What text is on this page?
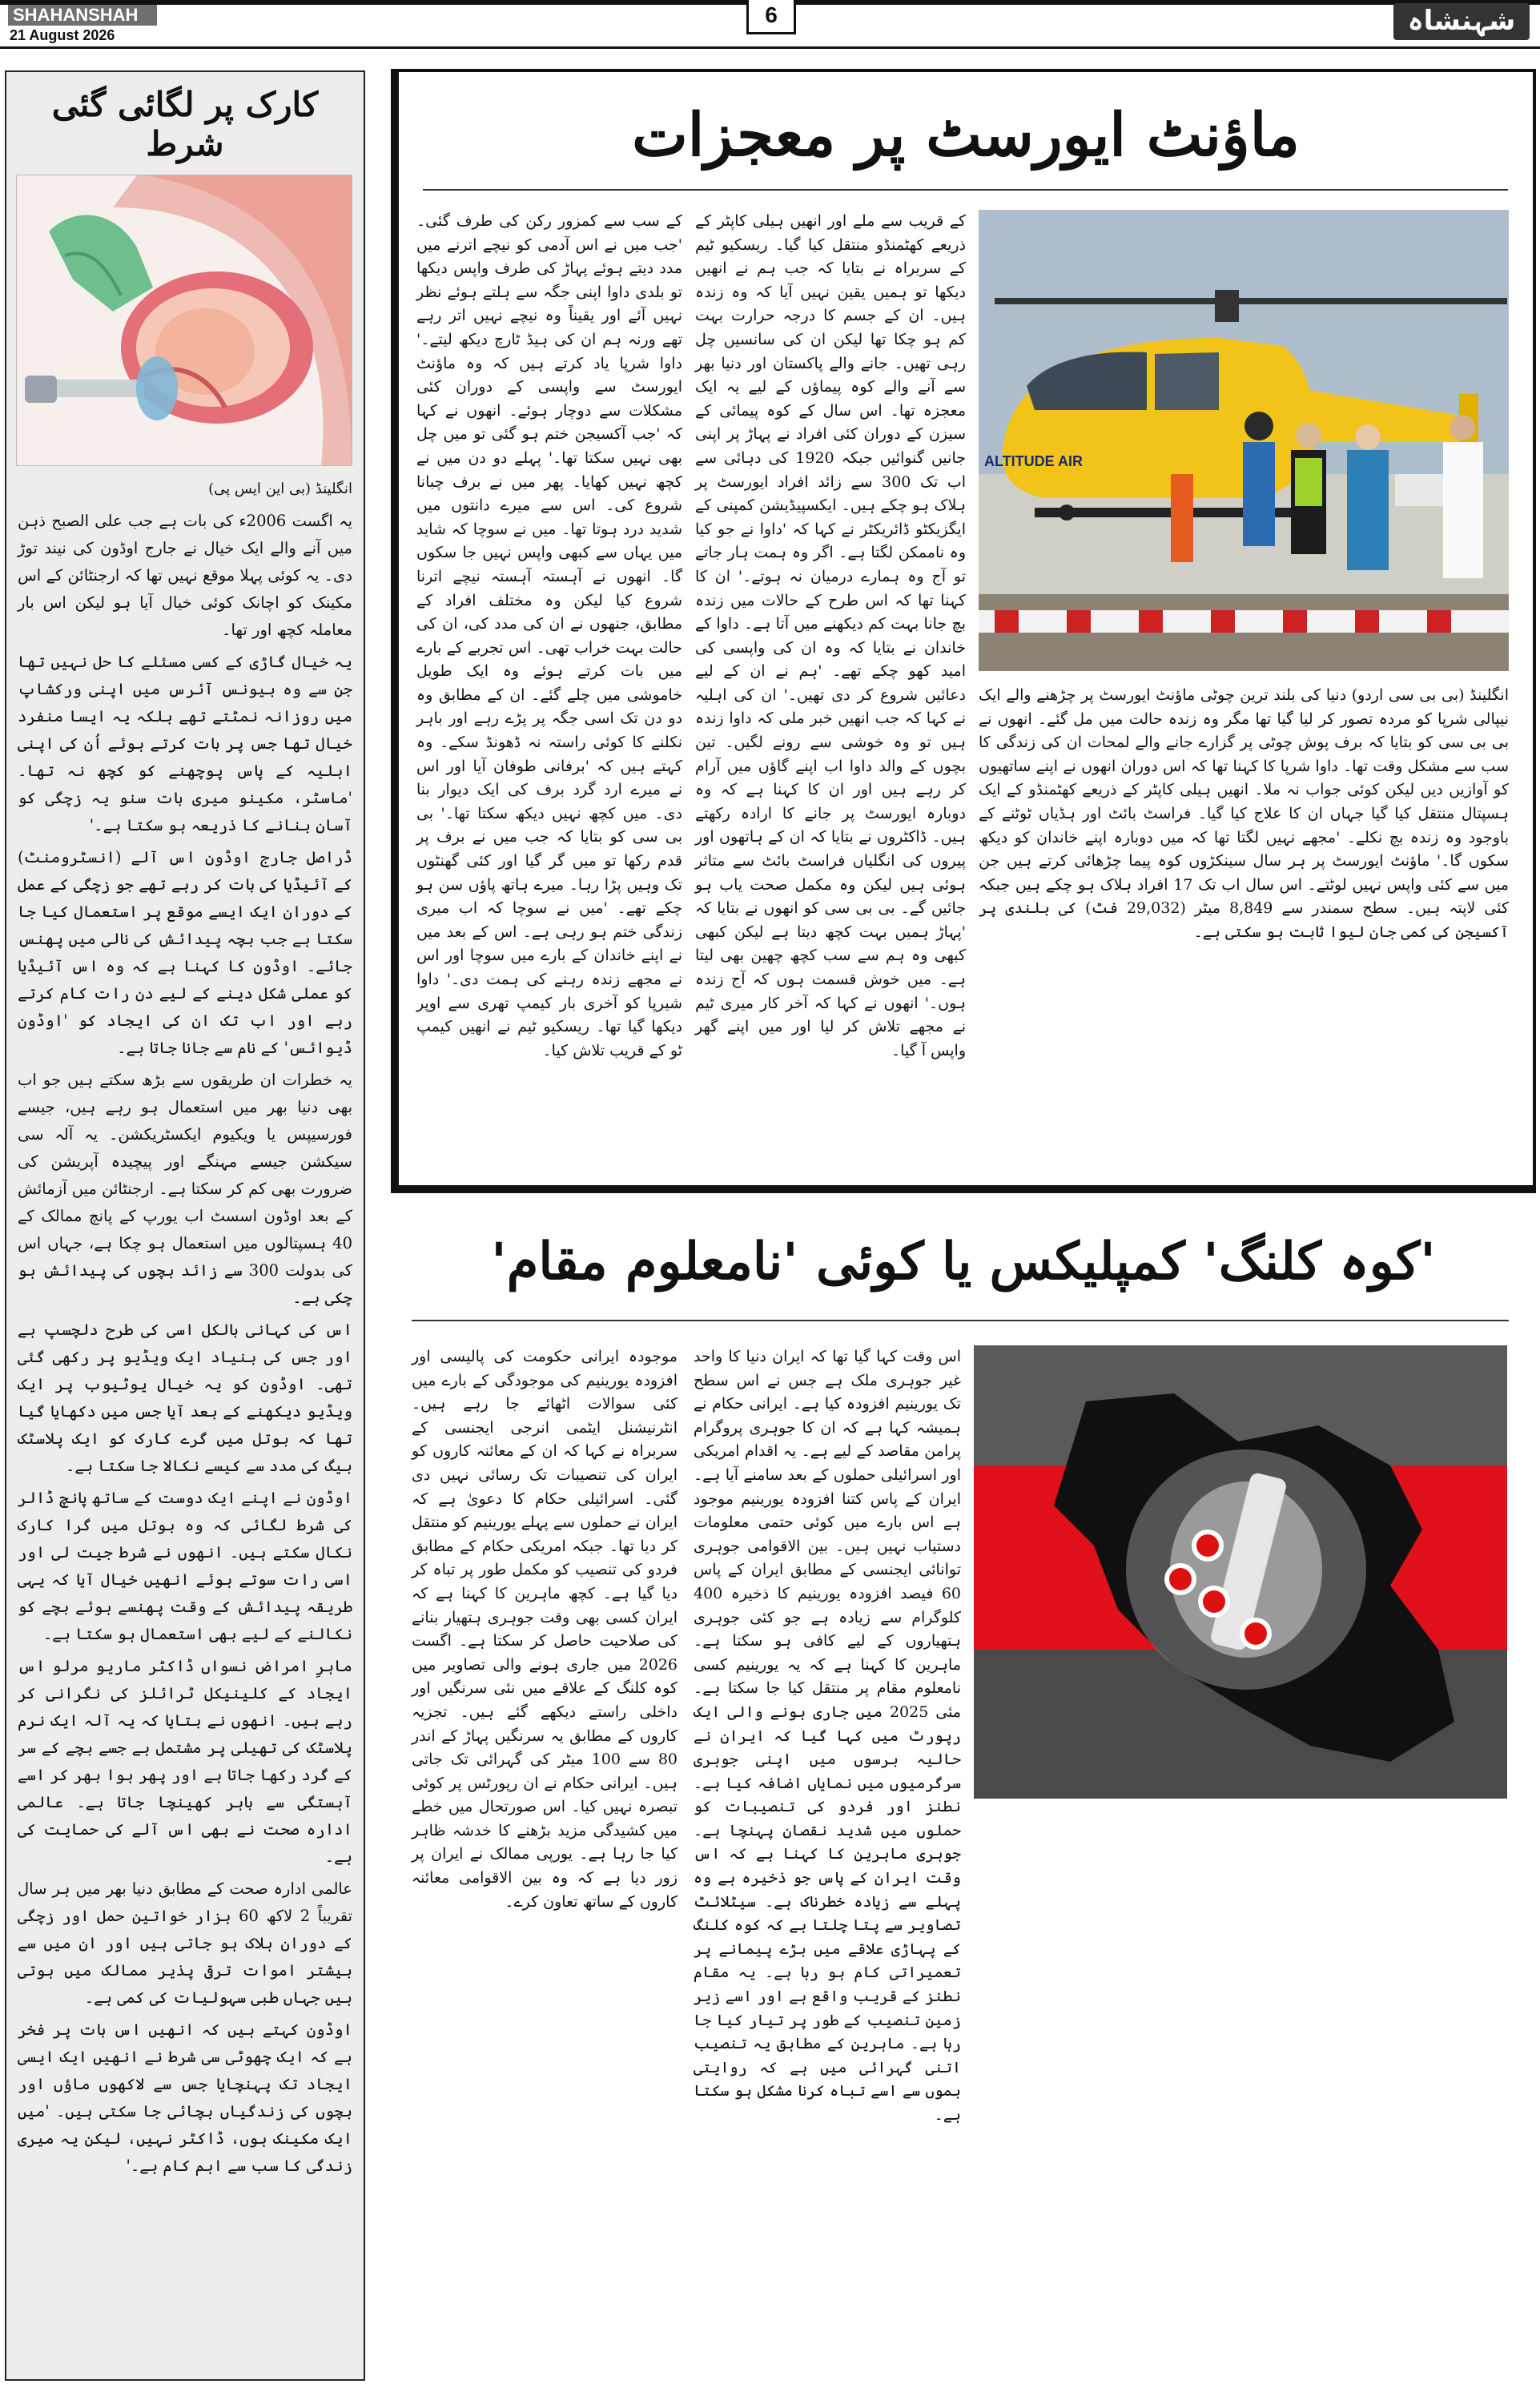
SHAHANSHAH
21 August 2026
6	شہنشاہ
کارک پر لگائی گئی شرط

انگلینڈ (بی این ایس پی)

یہ اگست 2006ء کی بات ہے جب علی الصبح ذہن میں آنے والے ایک خیال نے جارج اوڈون کی نیند توڑ دی۔ یہ کوئی پہلا موقع نہیں تھا کہ ارجنٹائن کے اس مکینک کو اچانک کوئی خیال آیا ہو لیکن اس بار معاملہ کچھ اور تھا۔

یہ خیال گاڑی کے کسی مسئلے کا حل نہیں تھا جن سے وہ بیونس آئرس میں اپنی ورکشاپ میں روزانہ نمٹتے تھے بلکہ یہ ایسا منفرد خیال تھا جس پر بات کرتے ہوئے اُن کی اپنی اہلیہ کے پاس پوچھنے کو کچھ نہ تھا۔ 'ماسٹر، مکینو میری بات سنو یہ زچگی کو آسان بنانے کا ذریعہ ہو سکتا ہے۔'

ڈراصل جارج اوڈون اس آلے (انسٹرومنٹ) کے آئیڈیا کی بات کر رہے تھے جو زچگی کے عمل کے دوران ایک ایسے موقع پر استعمال کیا جا سکتا ہے جب بچہ پیدائش کی نالی میں پھنس جائے۔ اوڈون کا کہنا ہے کہ وہ اس آئیڈیا کو عملی شکل دینے کے لیے دن رات کام کرتے رہے اور اب تک ان کی ایجاد کو 'اوڈون ڈیوائس' کے نام سے جانا جاتا ہے۔

یہ خطرات ان طریقوں سے بڑھ سکتے ہیں جو اب بھی دنیا بھر میں استعمال ہو رہے ہیں، جیسے فورسیپس یا ویکیوم ایکسٹریکشن۔ یہ آلہ سی سیکشن جیسے مہنگے اور پیچیدہ آپریشن کی ضرورت بھی کم کر سکتا ہے۔ ارجنٹائن میں آزمائش کے بعد اوڈون اسسٹ اب یورپ کے پانچ ممالک کے 40 ہسپتالوں میں استعمال ہو چکا ہے، جہاں اس کی بدولت 300 سے زائد بچوں کی پیدائش ہو چکی ہے۔

اس کی کہانی بالکل اسی کی طرح دلچسپ ہے اور جس کی بنیاد ایک ویڈیو پر رکھی گئی تھی۔ اوڈون کو یہ خیال یوٹیوب پر ایک ویڈیو دیکھنے کے بعد آیا جس میں دکھایا گیا تھا کہ بوتل میں گرے کارک کو ایک پلاسٹک بیگ کی مدد سے کیسے نکالا جا سکتا ہے۔

اوڈون نے اپنے ایک دوست کے ساتھ پانچ ڈالر کی شرط لگائی کہ وہ بوتل میں گرا کارک نکال سکتے ہیں۔ انھوں نے شرط جیت لی اور اسی رات سوتے ہوئے انھیں خیال آیا کہ یہی طریقہ پیدائش کے وقت پھنسے ہوئے بچے کو نکالنے کے لیے بھی استعمال ہو سکتا ہے۔

ماہرِ امراض نسواں ڈاکٹر ماریو مرلو اس ایجاد کے کلینیکل ٹرائلز کی نگرانی کر رہے ہیں۔ انھوں نے بتایا کہ یہ آلہ ایک نرم پلاسٹک کی تھیلی پر مشتمل ہے جسے بچے کے سر کے گرد رکھا جاتا ہے اور پھر ہوا بھر کر اسے آہستگی سے باہر کھینچا جاتا ہے۔ عالمی ادارہ صحت نے بھی اس آلے کی حمایت کی ہے۔

عالمی ادارہ صحت کے مطابق دنیا بھر میں ہر سال تقریباً 2 لاکھ 60 ہزار خواتین حمل اور زچگی کے دوران ہلاک ہو جاتی ہیں اور ان میں سے بیشتر اموات ترقی پذیر ممالک میں ہوتی ہیں جہاں طبی سہولیات کی کمی ہے۔

اوڈون کہتے ہیں کہ انھیں اس بات پر فخر ہے کہ ایک چھوٹی سی شرط نے انھیں ایک ایسی ایجاد تک پہنچایا جس سے لاکھوں ماؤں اور بچوں کی زندگیاں بچائی جا سکتی ہیں۔ 'میں ایک مکینک ہوں، ڈاکٹر نہیں، لیکن یہ میری زندگی کا سب سے اہم کام ہے۔'

ماؤنٹ ایورسٹ پر معجزات

کے سب سے کمزور رکن کی طرف گئی۔ 'جب میں نے اس آدمی کو نیچے اترنے میں مدد دیتے ہوئے پہاڑ کی طرف واپس دیکھا تو بلدی داوا اپنی جگہ سے ہلتے ہوئے نظر نہیں آئے اور یقیناً وہ نیچے نہیں اتر رہے تھے ورنہ ہم ان کی ہیڈ ٹارچ دیکھ لیتے۔' داوا شرپا یاد کرتے ہیں کہ وہ ماؤنٹ ایورسٹ سے واپسی کے دوران کئی مشکلات سے دوچار ہوئے۔ انھوں نے کہا کہ 'جب آکسیجن ختم ہو گئی تو میں چل بھی نہیں سکتا تھا۔' پہلے دو دن میں نے کچھ نہیں کھایا۔ پھر میں نے برف چبانا شروع کی۔ اس سے میرے دانتوں میں شدید درد ہوتا تھا۔ میں نے سوچا کہ شاید میں یہاں سے کبھی واپس نہیں جا سکوں گا۔ انھوں نے آہستہ آہستہ نیچے اترنا شروع کیا لیکن وہ مختلف افراد کے مطابق، جنھوں نے ان کی مدد کی، ان کی حالت بہت خراب تھی۔ اس تجربے کے بارے میں بات کرتے ہوئے وہ ایک طویل خاموشی میں چلے گئے۔ ان کے مطابق وہ دو دن تک اسی جگہ پر پڑے رہے اور باہر نکلنے کا کوئی راستہ نہ ڈھونڈ سکے۔ وہ کہتے ہیں کہ 'برفانی طوفان آیا اور اس نے میرے ارد گرد برف کی ایک دیوار بنا دی۔ میں کچھ نہیں دیکھ سکتا تھا۔' بی بی سی کو بتایا کہ جب میں نے برف پر قدم رکھا تو میں گر گیا اور کئی گھنٹوں تک وہیں پڑا رہا۔ میرے ہاتھ پاؤں سن ہو چکے تھے۔ 'میں نے سوچا کہ اب میری زندگی ختم ہو رہی ہے۔ اس کے بعد میں نے اپنے خاندان کے بارے میں سوچا اور اس نے مجھے زندہ رہنے کی ہمت دی۔' داوا شیرپا کو آخری بار کیمپ تھری سے اوپر دیکھا گیا تھا۔ ریسکیو ٹیم نے انھیں کیمپ ٹو کے قریب تلاش کیا۔

کے قریب سے ملے اور انھیں ہیلی کاپٹر کے ذریعے کھٹمنڈو منتقل کیا گیا۔ ریسکیو ٹیم کے سربراہ نے بتایا کہ جب ہم نے انھیں دیکھا تو ہمیں یقین نہیں آیا کہ وہ زندہ ہیں۔ ان کے جسم کا درجہ حرارت بہت کم ہو چکا تھا لیکن ان کی سانسیں چل رہی تھیں۔ جانے والے پاکستان اور دنیا بھر سے آنے والے کوہ پیماؤں کے لیے یہ ایک معجزہ تھا۔ اس سال کے کوہ پیمائی کے سیزن کے دوران کئی افراد نے پہاڑ پر اپنی جانیں گنوائیں جبکہ 1920 کی دہائی سے اب تک 300 سے زائد افراد ایورسٹ پر ہلاک ہو چکے ہیں۔ ایکسپیڈیشن کمپنی کے ایگزیکٹو ڈائریکٹر نے کہا کہ 'داوا نے جو کیا وہ ناممکن لگتا ہے۔ اگر وہ ہمت ہار جاتے تو آج وہ ہمارے درمیان نہ ہوتے۔' ان کا کہنا تھا کہ اس طرح کے حالات میں زندہ بچ جانا بہت کم دیکھنے میں آتا ہے۔ داوا کے خاندان نے بتایا کہ وہ ان کی واپسی کی امید کھو چکے تھے۔ 'ہم نے ان کے لیے دعائیں شروع کر دی تھیں۔' ان کی اہلیہ نے کہا کہ جب انھیں خبر ملی کہ داوا زندہ ہیں تو وہ خوشی سے رونے لگیں۔ تین بچوں کے والد داوا اب اپنے گاؤں میں آرام کر رہے ہیں اور ان کا کہنا ہے کہ وہ دوبارہ ایورسٹ پر جانے کا ارادہ رکھتے ہیں۔ ڈاکٹروں نے بتایا کہ ان کے ہاتھوں اور پیروں کی انگلیاں فراسٹ بائٹ سے متاثر ہوئی ہیں لیکن وہ مکمل صحت یاب ہو جائیں گے۔ بی بی سی کو انھوں نے بتایا کہ 'پہاڑ ہمیں بہت کچھ دیتا ہے لیکن کبھی کبھی وہ ہم سے سب کچھ چھین بھی لیتا ہے۔ میں خوش قسمت ہوں کہ آج زندہ ہوں۔' انھوں نے کہا کہ آخر کار میری ٹیم نے مجھے تلاش کر لیا اور میں اپنے گھر واپس آ گیا۔

ALTITUDE AIR

انگلینڈ (بی بی سی اردو) دنیا کی بلند ترین چوٹی ماؤنٹ ایورسٹ پر چڑھنے والے ایک نیپالی شرپا کو مردہ تصور کر لیا گیا تھا مگر وہ زندہ حالت میں مل گئے۔ انھوں نے بی بی سی کو بتایا کہ برف پوش چوٹی پر گزارے جانے والے لمحات ان کی زندگی کا سب سے مشکل وقت تھا۔ داوا شرپا کا کہنا تھا کہ اس دوران انھوں نے اپنے ساتھیوں کو آوازیں دیں لیکن کوئی جواب نہ ملا۔ انھیں ہیلی کاپٹر کے ذریعے کھٹمنڈو کے ایک ہسپتال منتقل کیا گیا جہاں ان کا علاج کیا گیا۔ فراسٹ بائٹ اور ہڈیاں ٹوٹنے کے باوجود وہ زندہ بچ نکلے۔ 'مجھے نہیں لگتا تھا کہ میں دوبارہ اپنے خاندان کو دیکھ سکوں گا۔' ماؤنٹ ایورسٹ پر ہر سال سینکڑوں کوہ پیما چڑھائی کرتے ہیں جن میں سے کئی واپس نہیں لوٹتے۔ اس سال اب تک 17 افراد ہلاک ہو چکے ہیں جبکہ کئی لاپتہ ہیں۔ سطح سمندر سے 8,849 میٹر (29,032 فٹ) کی بلندی پر آکسیجن کی کمی جان لیوا ثابت ہو سکتی ہے۔

'کوہ کلنگ' کمپلیکس یا کوئی 'نامعلوم مقام'

موجودہ ایرانی حکومت کی پالیسی اور افزودہ یورینیم کی موجودگی کے بارے میں کئی سوالات اٹھائے جا رہے ہیں۔ انٹرنیشنل ایٹمی انرجی ایجنسی کے سربراہ نے کہا کہ ان کے معائنہ کاروں کو ایران کی تنصیبات تک رسائی نہیں دی گئی۔ اسرائیلی حکام کا دعویٰ ہے کہ ایران نے حملوں سے پہلے یورینیم کو منتقل کر دیا تھا۔ جبکہ امریکی حکام کے مطابق فردو کی تنصیب کو مکمل طور پر تباہ کر دیا گیا ہے۔ کچھ ماہرین کا کہنا ہے کہ ایران کسی بھی وقت جوہری ہتھیار بنانے کی صلاحیت حاصل کر سکتا ہے۔ اگست 2026 میں جاری ہونے والی تصاویر میں کوہ کلنگ کے علاقے میں نئی سرنگیں اور داخلی راستے دیکھے گئے ہیں۔ تجزیہ کاروں کے مطابق یہ سرنگیں پہاڑ کے اندر 80 سے 100 میٹر کی گہرائی تک جاتی ہیں۔ ایرانی حکام نے ان رپورٹس پر کوئی تبصرہ نہیں کیا۔ اس صورتحال میں خطے میں کشیدگی مزید بڑھنے کا خدشہ ظاہر کیا جا رہا ہے۔ یورپی ممالک نے ایران پر زور دیا ہے کہ وہ بین الاقوامی معائنہ کاروں کے ساتھ تعاون کرے۔

اس وقت کہا گیا تھا کہ ایران دنیا کا واحد غیر جوہری ملک ہے جس نے اس سطح تک یورینیم افزودہ کیا ہے۔ ایرانی حکام نے ہمیشہ کہا ہے کہ ان کا جوہری پروگرام پرامن مقاصد کے لیے ہے۔ یہ اقدام امریکی اور اسرائیلی حملوں کے بعد سامنے آیا ہے۔ ایران کے پاس کتنا افزودہ یورینیم موجود ہے اس بارے میں کوئی حتمی معلومات دستیاب نہیں ہیں۔ بین الاقوامی جوہری توانائی ایجنسی کے مطابق ایران کے پاس 60 فیصد افزودہ یورینیم کا ذخیرہ 400 کلوگرام سے زیادہ ہے جو کئی جوہری ہتھیاروں کے لیے کافی ہو سکتا ہے۔ ماہرین کا کہنا ہے کہ یہ یورینیم کسی نامعلوم مقام پر منتقل کیا جا سکتا ہے۔ مئی 2025 میں جاری ہونے والی ایک رپورٹ میں کہا گیا کہ ایران نے حالیہ برسوں میں اپنی جوہری سرگرمیوں میں نمایاں اضافہ کیا ہے۔ نطنز اور فردو کی تنصیبات کو حملوں میں شدید نقصان پہنچا ہے۔ جوہری ماہرین کا کہنا ہے کہ اس وقت ایران کے پاس جو ذخیرہ ہے وہ پہلے سے زیادہ خطرناک ہے۔ سیٹلائٹ تصاویر سے پتا چلتا ہے کہ کوہ کلنگ کے پہاڑی علاقے میں بڑے پیمانے پر تعمیراتی کام ہو رہا ہے۔ یہ مقام نطنز کے قریب واقع ہے اور اسے زیر زمین تنصیب کے طور پر تیار کیا جا رہا ہے۔ ماہرین کے مطابق یہ تنصیب اتنی گہرائی میں ہے کہ روایتی بموں سے اسے تباہ کرنا مشکل ہو سکتا ہے۔
